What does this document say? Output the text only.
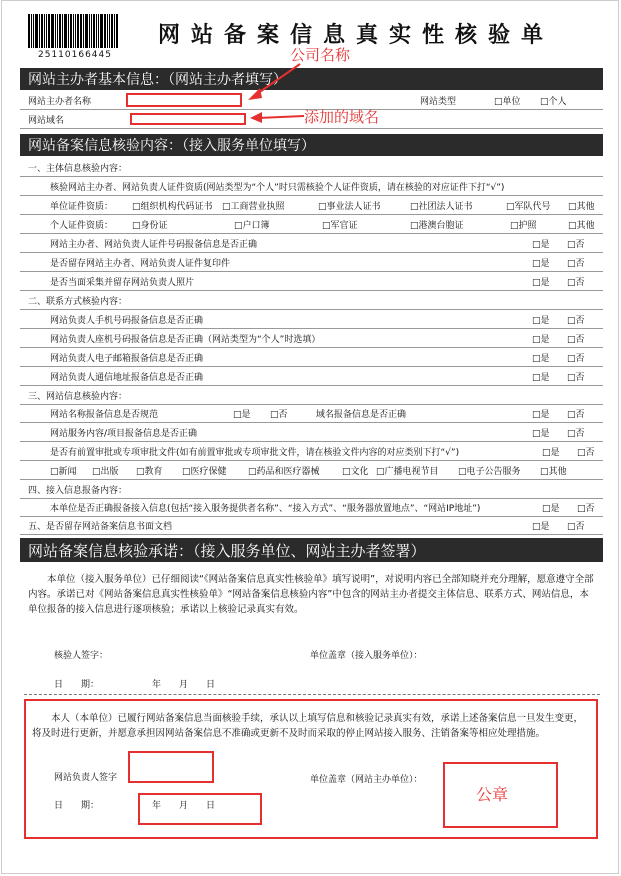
25110166445
网站备案信息真实性核验单
网站主办者基本信息：（网站主办者填写）
网站主办者名称	网站类型	□单位 □个人
网站域名
公司名称
添加的域名
网站备案信息核验内容：（接入服务单位填写）
一、主体信息核验内容：
核验网站主办者、网站负责人证件资质(网站类型为“个人”时只需核验个人证件资质，请在核验的对应证件下打“√”)
单位证件资质： □组织机构代码证书 □工商营业执照	□事业法人证书	□社团法人证书	□军队代号 □其他
个人证件资质： □身份证	□户口簿	□军官证	□港澳台胞证	□护照	□其他
网站主办者、网站负责人证件号码报备信息是否正确	□是 □否
是否留存网站主办者、网站负责人证件复印件	□是 □否
是否当面采集并留存网站负责人照片	□是 □否
二、联系方式核验内容：
网站负责人手机号码报备信息是否正确	□是 □否
网站负责人座机号码报备信息是否正确（网站类型为“个人”时选填）	□是 □否
网站负责人电子邮箱报备信息是否正确	□是 □否
网站负责人通信地址报备信息是否正确	□是 □否
三、网站信息核验内容：
网站名称报备信息是否规范	□是 □否	域名报备信息是否正确	□是 □否
网站服务内容/项目报备信息是否正确	□是 □否
是否有前置审批或专项审批文件(如有前置审批或专项审批文件，请在核验文件内容的对应类别下打“√”)	□是 □否
□新闻 □出版 □教育 □医疗保健 □药品和医疗器械 □文化 □广播电视节目 □电子公告服务 □其他
四、接入信息报备内容：
本单位是否正确报备接入信息(包括“接入服务提供者名称”、“接入方式”、“服务器放置地点”、“网站IP地址”)	□是 □否
五、是否留存网站备案信息书面文档	□是 □否
网站备案信息核验承诺：（接入服务单位、网站主办者签署）
本单位（接入服务单位）已仔细阅读“《网站备案信息真实性核验单》填写说明”，对说明内容已全部知晓并充分理解，愿意遵守全部内容。承诺已对《网站备案信息真实性核验单》“网站备案信息核验内容”中包含的网站主办者提交主体信息、联系方式、网站信息，本单位报备的接入信息进行逐项核验；承诺以上核验记录真实有效。
核验人签字：	单位盖章（接入服务单位）：
日　　期：	年　　月　　日
本人（本单位）已履行网站备案信息当面核验手续，承认以上填写信息和核验记录真实有效，承诺上述备案信息一旦发生变更，将及时进行更新，并愿意承担因网站备案信息不准确或更新不及时而采取的停止网站接入服务、注销备案等相应处理措施。
网站负责人签字	单位盖章（网站主办单位）：
公章
日　　期：	年　　月　　日
